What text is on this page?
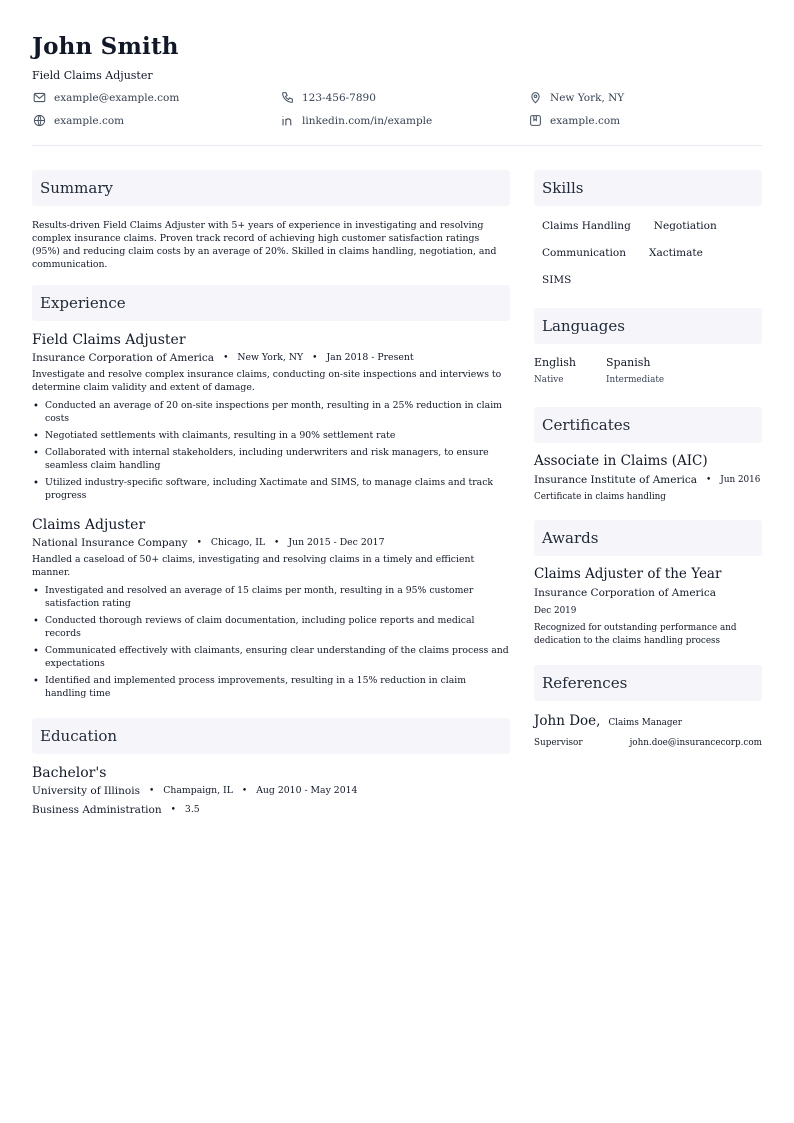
John Smith
Field Claims Adjuster
example@example.com	123-456-7890	New York, NY
example.com	linkedin.com/in/example	example.com
Summary

Results-driven Field Claims Adjuster with 5+ years of experience in investigating and resolving complex insurance claims. Proven track record of achieving high customer satisfaction ratings (95%) and reducing claim costs by an average of 20%. Skilled in claims handling, negotiation, and communication.

Experience
Field Claims Adjuster
Insurance Corporation of America • New York, NY • Jan 2018 - Present

Investigate and resolve complex insurance claims, conducting on-site inspections and interviews to determine claim validity and extent of damage.

• Conducted an average of 20 on-site inspections per month, resulting in a 25% reduction in claim costs
• Negotiated settlements with claimants, resulting in a 90% settlement rate
• Collaborated with internal stakeholders, including underwriters and risk managers, to ensure seamless claim handling
• Utilized industry-specific software, including Xactimate and SIMS, to manage claims and track progress
Claims Adjuster
National Insurance Company • Chicago, IL • Jun 2015 - Dec 2017

Handled a caseload of 50+ claims, investigating and resolving claims in a timely and efficient manner.

• Investigated and resolved an average of 15 claims per month, resulting in a 95% customer satisfaction rating
• Conducted thorough reviews of claim documentation, including police reports and medical records
• Communicated effectively with claimants, ensuring clear understanding of the claims process and expectations
• Identified and implemented process improvements, resulting in a 15% reduction in claim handling time
Education
Bachelor's
University of Illinois • Champaign, IL • Aug 2010 - May 2014
Business Administration • 3.5
Skills
Claims Handling	Negotiation
Communication	Xactimate
SIMS
Languages
English
Native
Spanish
Intermediate
Certificates
Associate in Claims (AIC)
Insurance Institute of America • Jun 2016
Certificate in claims handling
Awards
Claims Adjuster of the Year
Insurance Corporation of America
Dec 2019
Recognized for outstanding performance and dedication to the claims handling process
References
John Doe, Claims Manager
Supervisor	john.doe@insurancecorp.com
